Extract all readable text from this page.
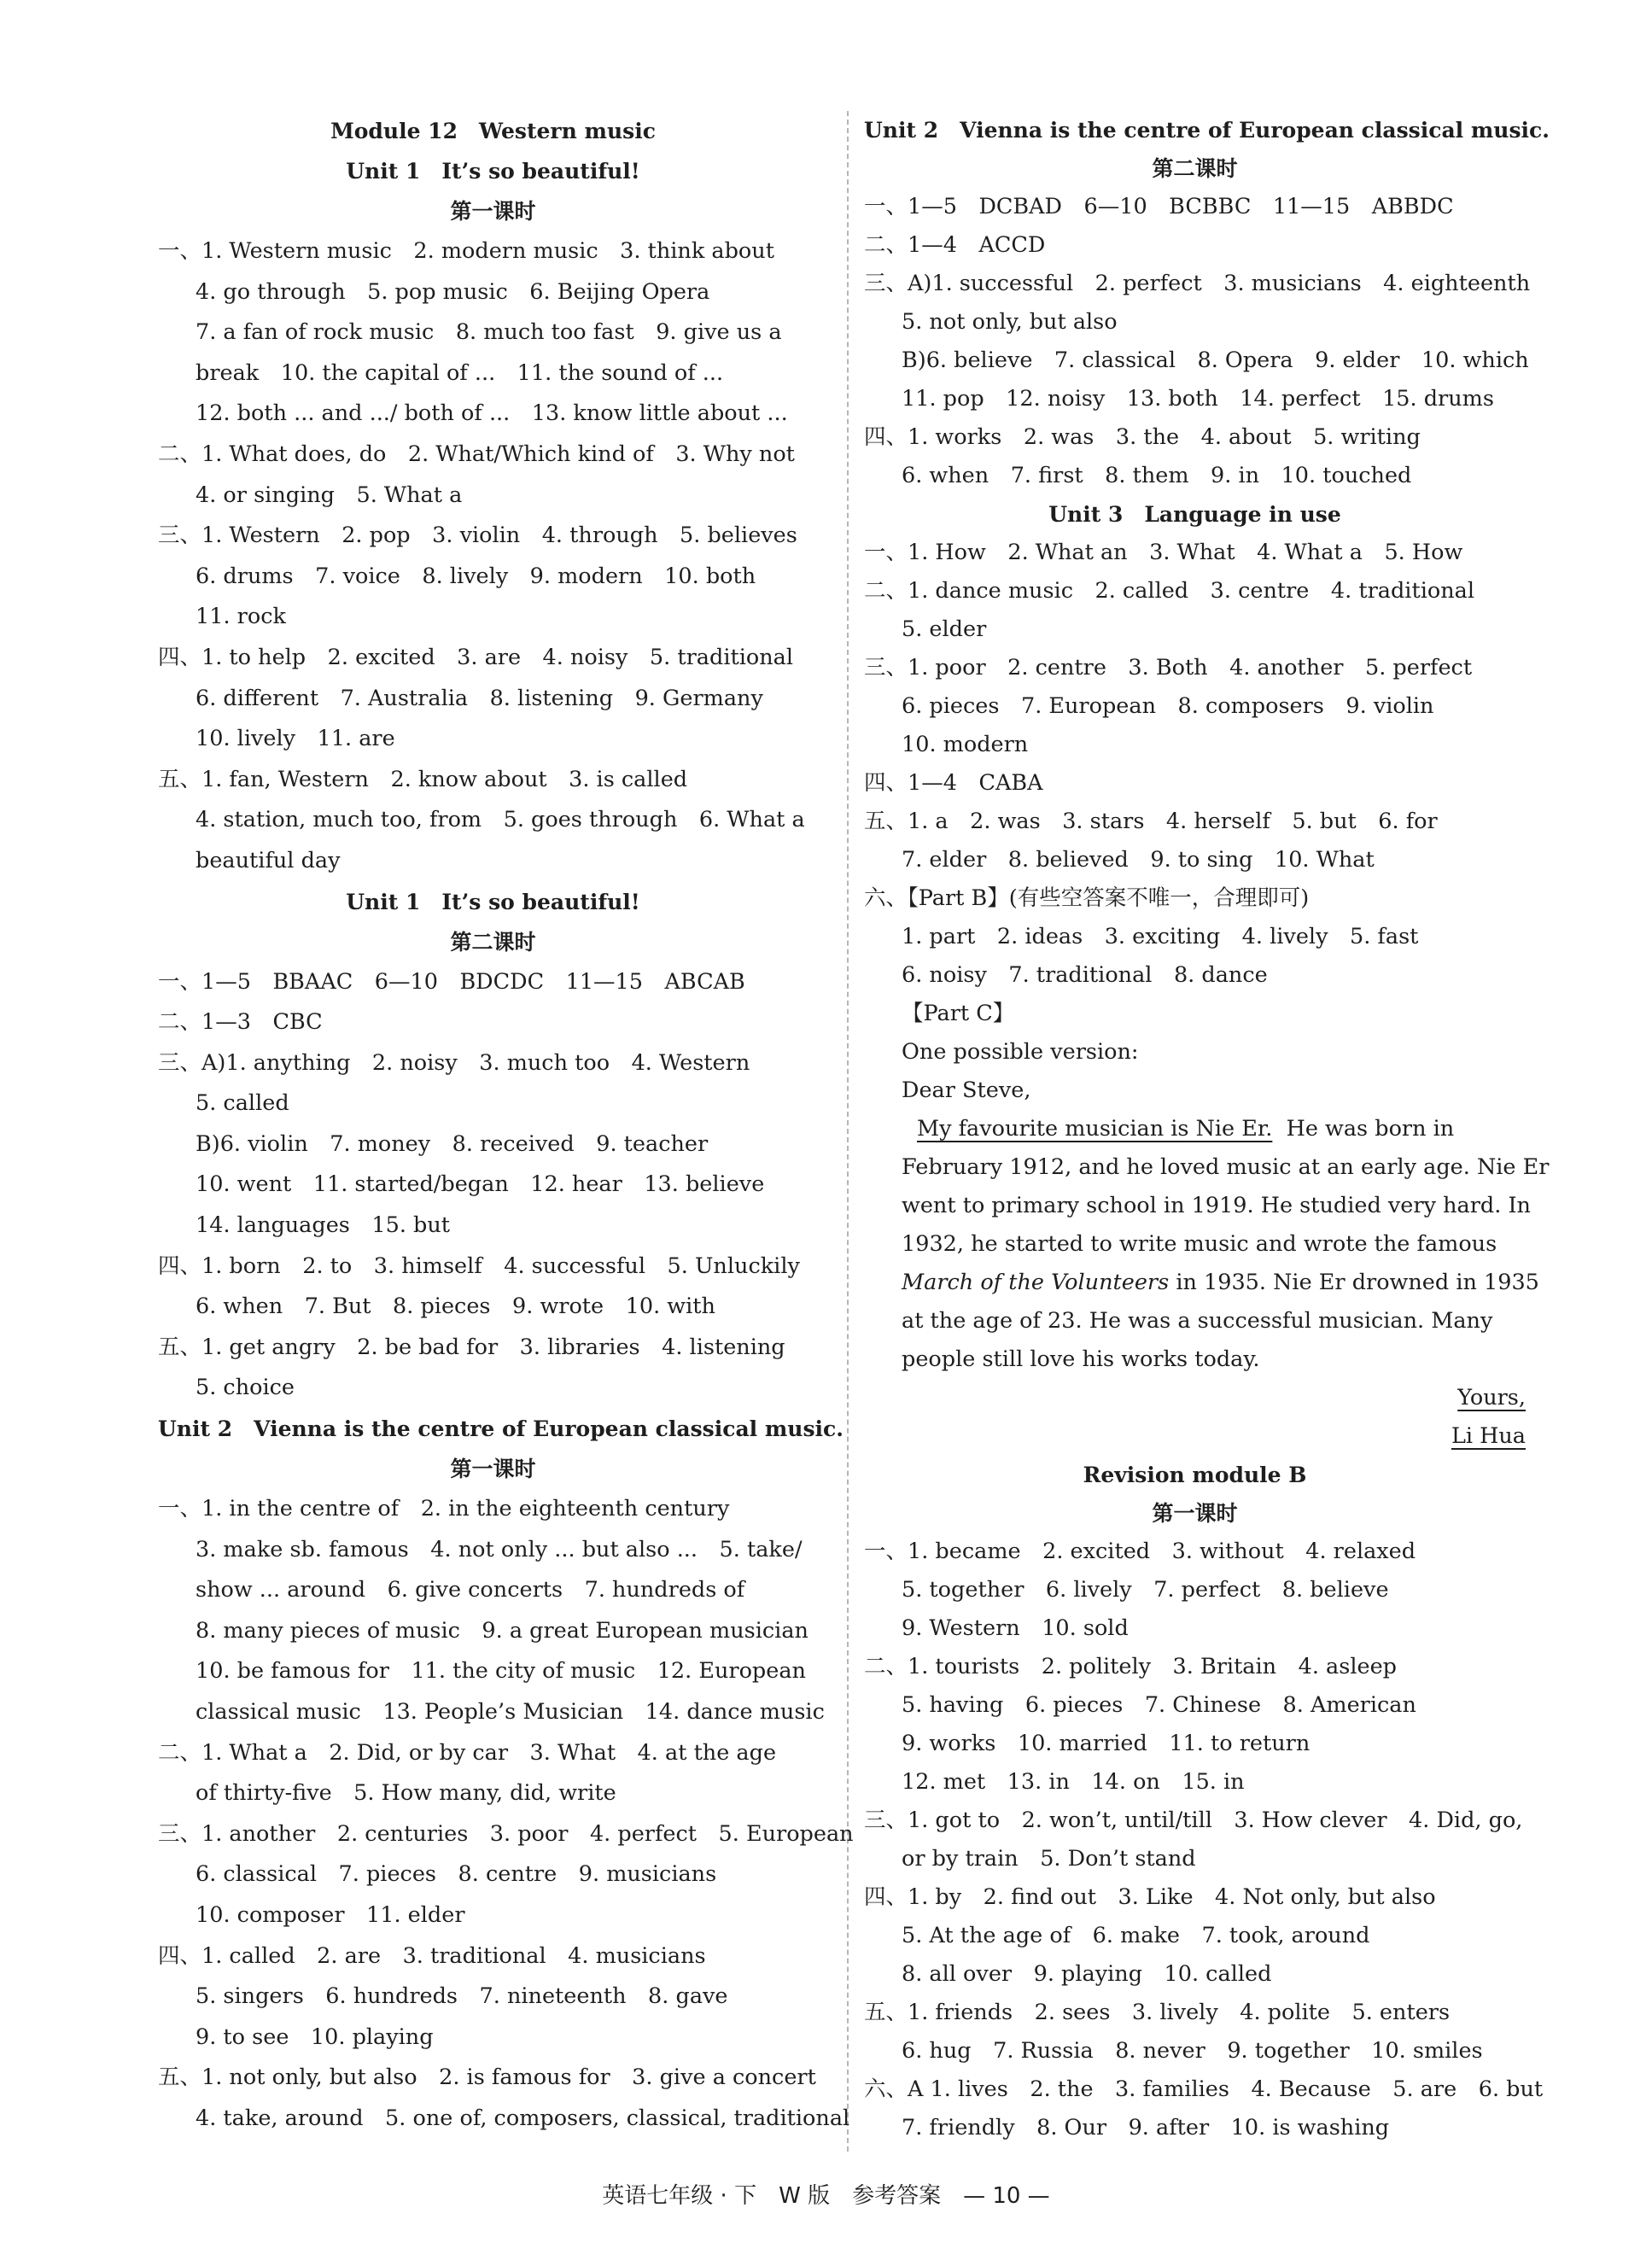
Module 12　Western music
Unit 1　It’s so beautiful!
第一课时
一、1. Western music　2. modern music　3. think about
4. go through　5. pop music　6. Beijing Opera
7. a fan of rock music　8. much too fast　9. give us a
break　10. the capital of ...　11. the sound of ...
12. both ... and .../ both of ...　13. know little about ...
二、1. What does, do　2. What/Which kind of　3. Why not
4. or singing　5. What a
三、1. Western　2. pop　3. violin　4. through　5. believes
6. drums　7. voice　8. lively　9. modern　10. both
11. rock
四、1. to help　2. excited　3. are　4. noisy　5. traditional
6. different　7. Australia　8. listening　9. Germany
10. lively　11. are
五、1. fan, Western　2. know about　3. is called
4. station, much too, from　5. goes through　6. What a
beautiful day
Unit 1　It’s so beautiful!
第二课时
一、1—5　BBAAC　6—10　BDCDC　11—15　ABCAB
二、1—3　CBC
三、A)1. anything　2. noisy　3. much too　4. Western
5. called
B)6. violin　7. money　8. received　9. teacher
10. went　11. started/began　12. hear　13. believe
14. languages　15. but
四、1. born　2. to　3. himself　4. successful　5. Unluckily
6. when　7. But　8. pieces　9. wrote　10. with
五、1. get angry　2. be bad for　3. libraries　4. listening
5. choice
Unit 2　Vienna is the centre of European classical music.
第一课时
一、1. in the centre of　2. in the eighteenth century
3. make sb. famous　4. not only ... but also ...　5. take/
show ... around　6. give concerts　7. hundreds of
8. many pieces of music　9. a great European musician
10. be famous for　11. the city of music　12. European
classical music　13. People’s Musician　14. dance music
二、1. What a　2. Did, or by car　3. What　4. at the age
of thirty-five　5. How many, did, write
三、1. another　2. centuries　3. poor　4. perfect　5. European
6. classical　7. pieces　8. centre　9. musicians
10. composer　11. elder
四、1. called　2. are　3. traditional　4. musicians
5. singers　6. hundreds　7. nineteenth　8. gave
9. to see　10. playing
五、1. not only, but also　2. is famous for　3. give a concert
4. take, around　5. one of, composers, classical, traditional
Unit 2　Vienna is the centre of European classical music.
第二课时
一、1—5　DCBAD　6—10　BCBBC　11—15　ABBDC
二、1—4　ACCD
三、A)1. successful　2. perfect　3. musicians　4. eighteenth
5. not only, but also
B)6. believe　7. classical　8. Opera　9. elder　10. which
11. pop　12. noisy　13. both　14. perfect　15. drums
四、1. works　2. was　3. the　4. about　5. writing
6. when　7. first　8. them　9. in　10. touched
Unit 3　Language in use
一、1. How　2. What an　3. What　4. What a　5. How
二、1. dance music　2. called　3. centre　4. traditional
5. elder
三、1. poor　2. centre　3. Both　4. another　5. perfect
6. pieces　7. European　8. composers　9. violin
10. modern
四、1—4　CABA
五、1. a　2. was　3. stars　4. herself　5. but　6. for
7. elder　8. believed　9. to sing　10. What
六、【Part B】(有些空答案不唯一，合理即可)
1. part　2. ideas　3. exciting　4. lively　5. fast
6. noisy　7. traditional　8. dance
【Part C】
One possible version:
Dear Steve,
My favourite musician is Nie Er. He was born in
February 1912, and he loved music at an early age. Nie Er
went to primary school in 1919. He studied very hard. In
1932, he started to write music and wrote the famous
March of the Volunteers in 1935. Nie Er drowned in 1935
at the age of 23. He was a successful musician. Many
people still love his works today.
Yours,
Li Hua
Revision module B
第一课时
一、1. became　2. excited　3. without　4. relaxed
5. together　6. lively　7. perfect　8. believe
9. Western　10. sold
二、1. tourists　2. politely　3. Britain　4. asleep
5. having　6. pieces　7. Chinese　8. American
9. works　10. married　11. to return
12. met　13. in　14. on　15. in
三、1. got to　2. won’t, until/till　3. How clever　4. Did, go,
or by train　5. Don’t stand
四、1. by　2. find out　3. Like　4. Not only, but also
5. At the age of　6. make　7. took, around
8. all over　9. playing　10. called
五、1. friends　2. sees　3. lively　4. polite　5. enters
6. hug　7. Russia　8. never　9. together　10. smiles
六、A 1. lives　2. the　3. families　4. Because　5. are　6. but
7. friendly　8. Our　9. after　10. is washing
英语七年级 · 下　W 版　参考答案　— 10 —
